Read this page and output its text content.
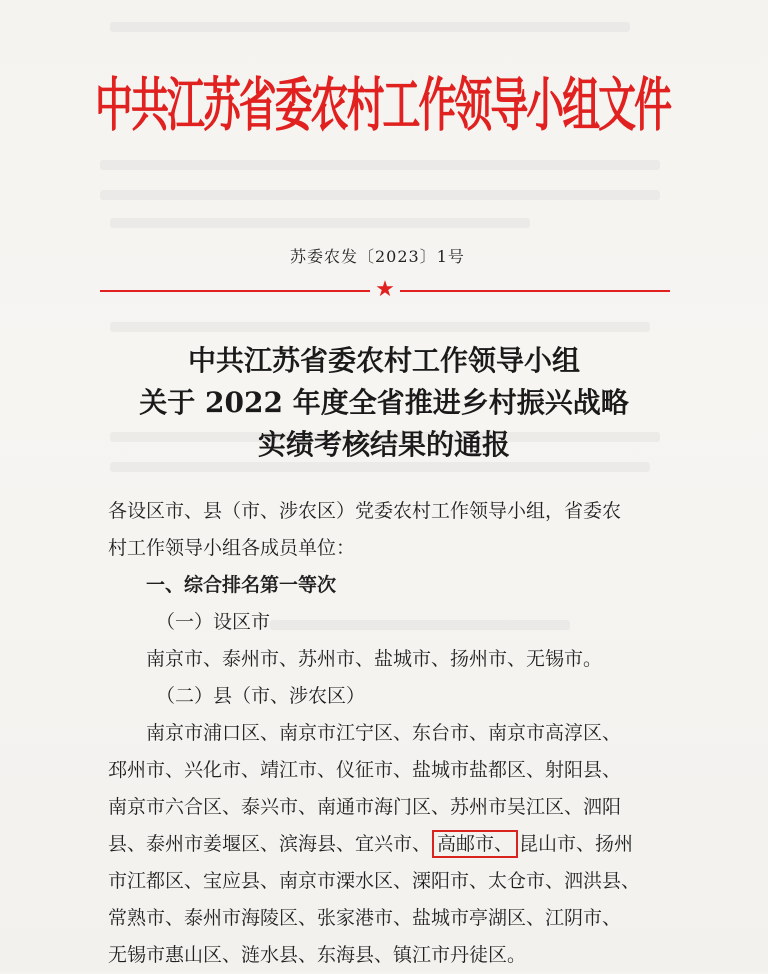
中共江苏省委农村工作领导小组文件
苏委农发〔2023〕1号
★
中共江苏省委农村工作领导小组
关于 2022 年度全省推进乡村振兴战略
实绩考核结果的通报
各设区市、县（市、涉农区）党委农村工作领导小组，省委农
村工作领导小组各成员单位：
一、综合排名第一等次
（一）设区市
南京市、泰州市、苏州市、盐城市、扬州市、无锡市。
（二）县（市、涉农区）
南京市浦口区、南京市江宁区、东台市、南京市高淳区、
邳州市、兴化市、靖江市、仪征市、盐城市盐都区、射阳县、
南京市六合区、泰兴市、南通市海门区、苏州市吴江区、泗阳
县、泰州市姜堰区、滨海县、宜兴市、 高邮市、 昆山市、扬州
市江都区、宝应县、南京市溧水区、溧阳市、太仓市、泗洪县、
常熟市、泰州市海陵区、张家港市、盐城市亭湖区、江阴市、
无锡市惠山区、涟水县、东海县、镇江市丹徒区。
